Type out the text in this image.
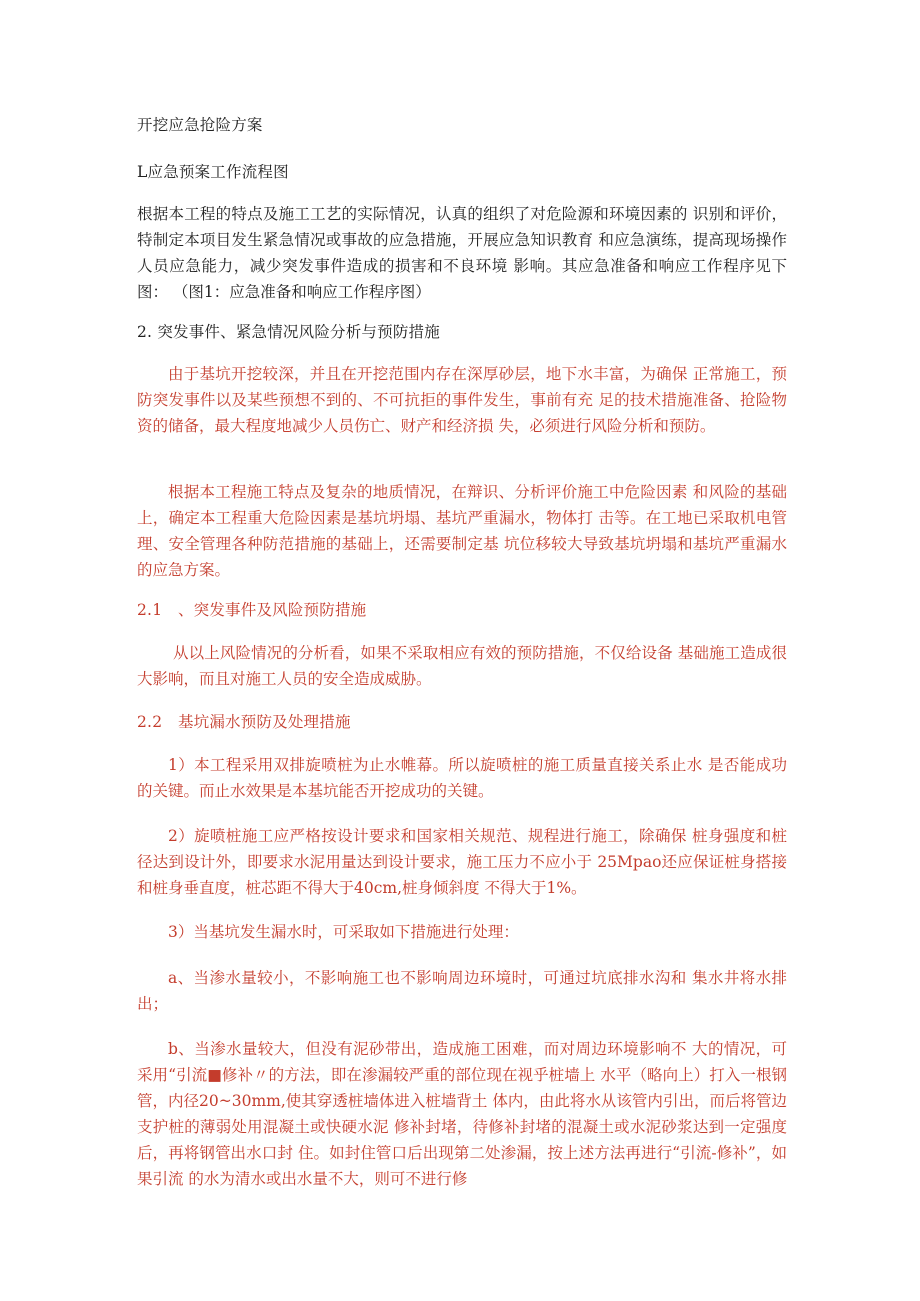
开挖应急抢险方案

L应急预案工作流程图

根据本工程的特点及施工工艺的实际情况，认真的组织了对危险源和环境因素的 识别和评价，特制定本项目发生紧急情况或事故的应急措施，开展应急知识教育 和应急演练，提高现场操作人员应急能力，减少突发事件造成的损害和不良环境 影响。其应急准备和响应工作程序见下图： （图1：应急准备和响应工作程序图）

2. 突发事件、紧急情况风险分析与预防措施

由于基坑开挖较深，并且在开挖范围内存在深厚砂层，地下水丰富，为确保 正常施工，预防突发事件以及某些预想不到的、不可抗拒的事件发生，事前有充 足的技术措施准备、抢险物资的储备，最大程度地减少人员伤亡、财产和经济损 失，必须进行风险分析和预防。

根据本工程施工特点及复杂的地质情况，在辩识、分析评价施工中危险因素 和风险的基础上，确定本工程重大危险因素是基坑坍塌、基坑严重漏水，物体打 击等。在工地已采取机电管理、安全管理各种防范措施的基础上，还需要制定基 坑位移较大导致基坑坍塌和基坑严重漏水的应急方案。

2.1　、突发事件及风险预防措施

从以上风险情况的分析看，如果不采取相应有效的预防措施，不仅给设备 基础施工造成很大影响，而且对施工人员的安全造成威胁。

2.2　基坑漏水预防及处理措施

1）本工程采用双排旋喷桩为止水帷幕。所以旋喷桩的施工质量直接关系止水 是否能成功的关键。而止水效果是本基坑能否开挖成功的关键。

2）旋喷桩施工应严格按设计要求和国家相关规范、规程进行施工，除确保 桩身强度和桩径达到设计外，即要求水泥用量达到设计要求，施工压力不应小于 25Mpao还应保证桩身搭接和桩身垂直度，桩芯距不得大于40cm,桩身倾斜度 不得大于1%。

3）当基坑发生漏水时，可采取如下措施进行处理：

a、当渗水量较小，不影响施工也不影响周边环境时，可通过坑底排水沟和 集水井将水排出；

b、当渗水量较大，但没有泥砂带出，造成施工困难，而对周边环境影响不 大的情况，可采用“引流■修补〃的方法，即在渗漏较严重的部位现在视乎桩墙上 水平（略向上）打入一根钢管，内径20~30mm,使其穿透桩墙体进入桩墙背土 体内，由此将水从该管内引出，而后将管边支护桩的薄弱处用混凝土或快硬水泥 修补封堵，待修补封堵的混凝土或水泥砂浆达到一定强度后，再将钢管出水口封 住。如封住管口后出现第二处渗漏，按上述方法再进行“引流-修补”，如果引流 的水为清水或出水量不大，则可不进行修
